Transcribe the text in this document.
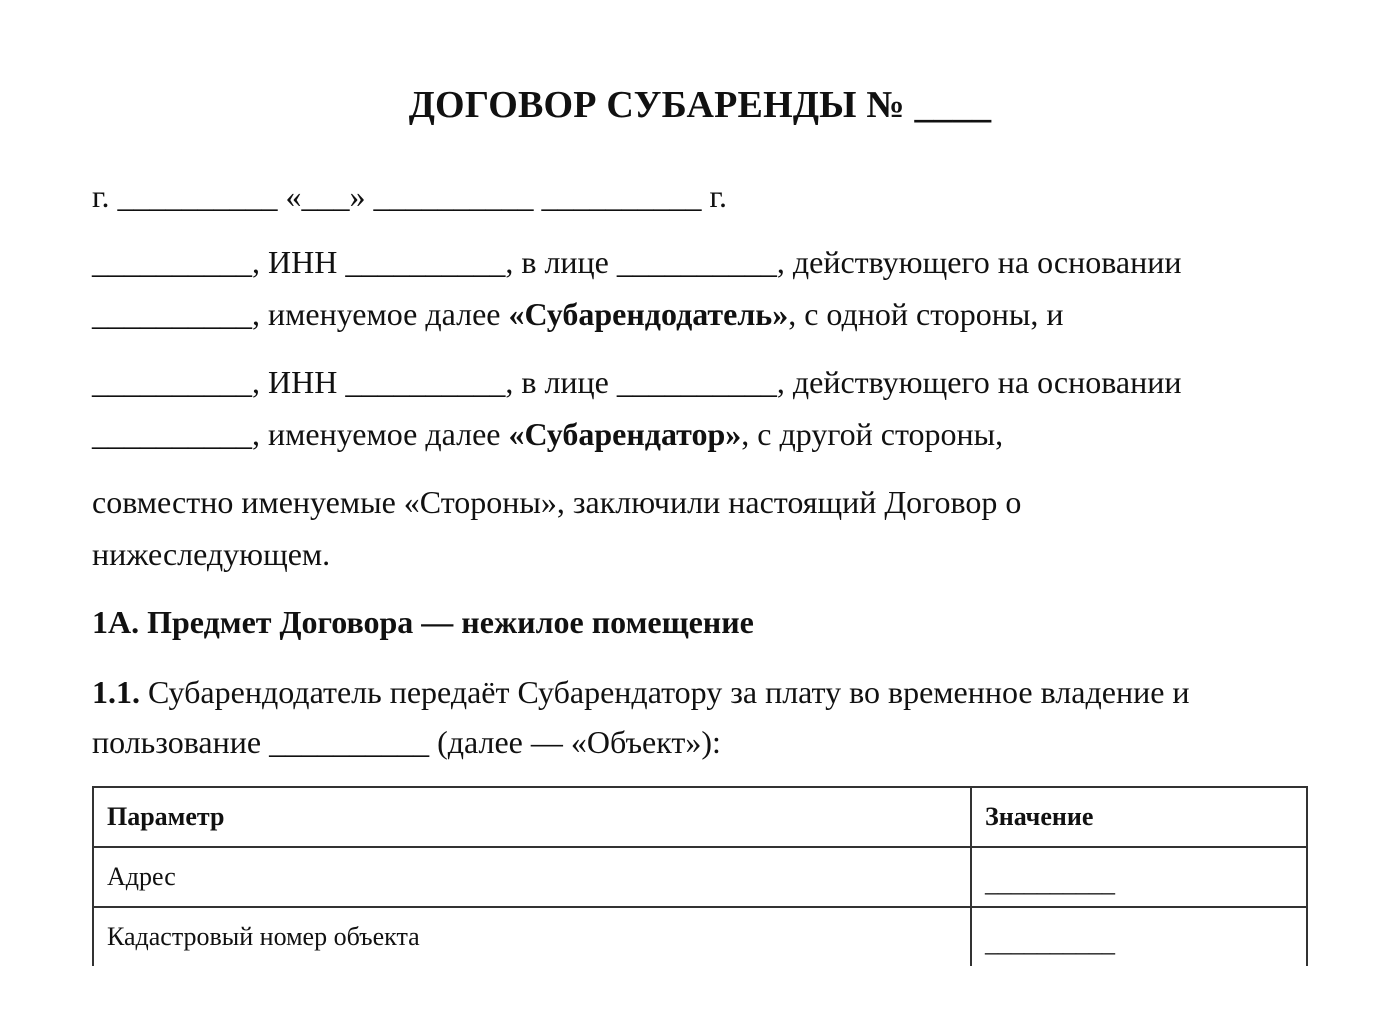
ДОГОВОР СУБАРЕНДЫ № ____
г. __________ «___» __________ __________ г.
__________, ИНН __________, в лице __________, действующего на основании
__________, именуемое далее «Субарендодатель», с одной стороны, и
__________, ИНН __________, в лице __________, действующего на основании
__________, именуемое далее «Субарендатор», с другой стороны,
совместно именуемые «Стороны», заключили настоящий Договор о
нижеследующем.
1А. Предмет Договора — нежилое помещение
1.1. Субарендодатель передаёт Субарендатору за плату во временное владение и
пользование __________ (далее — «Объект»):
Параметр	Значение
Адрес	__________
Кадастровый номер объекта	__________
